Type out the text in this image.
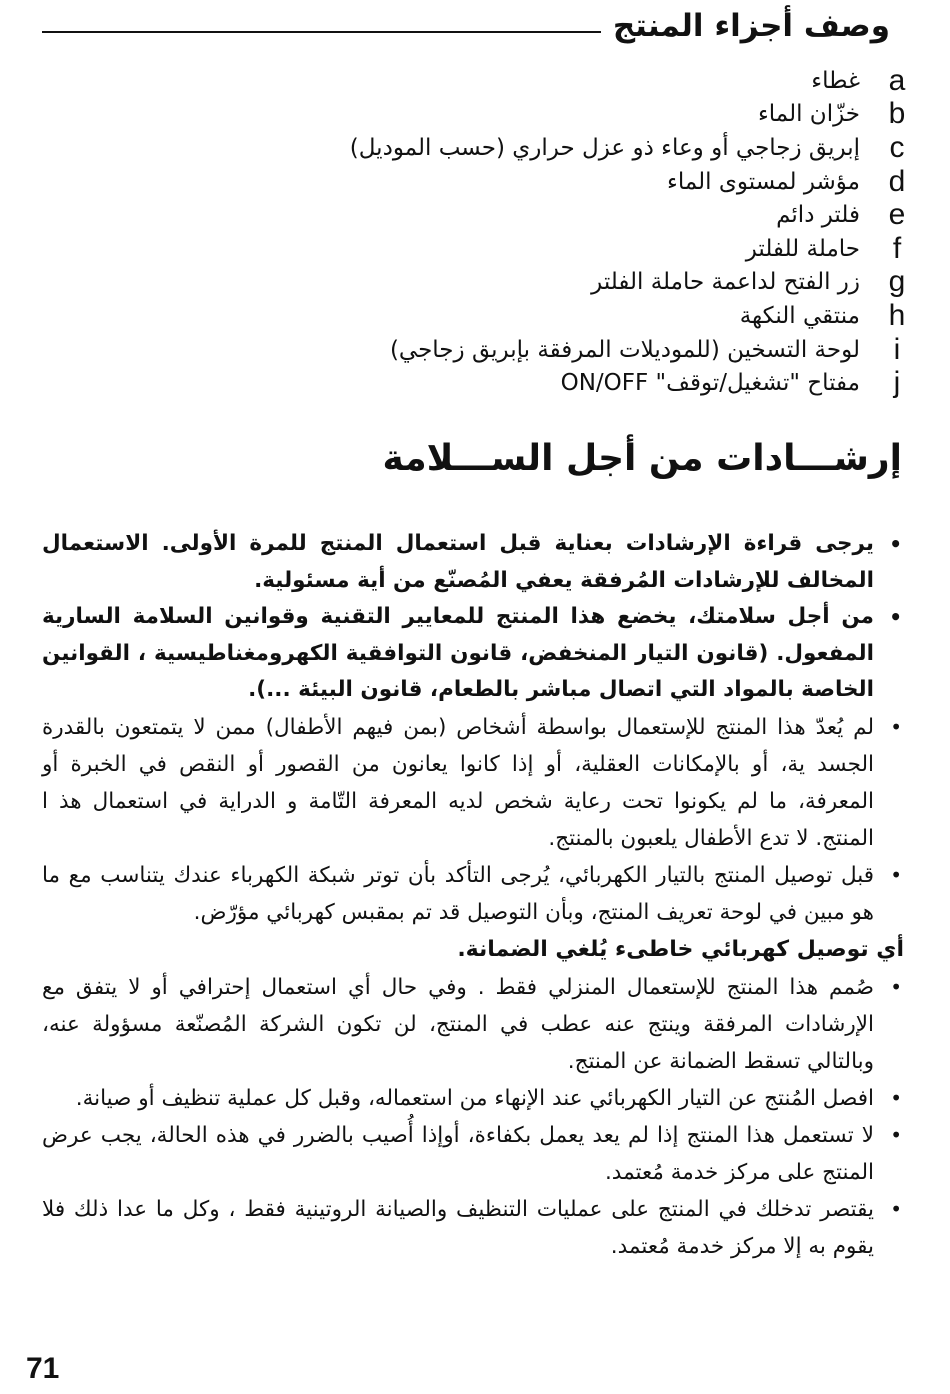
وصف أجزاء المنتج
غطاء a
خزّان الماء b
إبريق زجاجي أو وعاء ذو عزل حراري (حسب الموديل) c
مؤشر لمستوى الماء d
فلتر دائم e
حاملة للفلتر f
زر الفتح لداعمة حاملة الفلتر g
منتقي النكهة h
لوحة التسخين (للموديلات المرفقة بإبريق زجاجي) i
مفتاح "تشغيل/توقف" ON/OFF j
إرشـــادات من أجل الســـلامة
•
يرجى قراءة الإرشادات بعناية قبل استعمال المنتج للمرة الأولى. الاستعمال المخالف للإرشادات المُرفقة يعفي المُصنّع من أية مسئولية.
•
من أجل سلامتك، يخضع هذا المنتج للمعايير التقنية وقوانين السلامة السارية المفعول. (قانون التيار المنخفض، قانون التوافقية الكهرومغناطيسية ، القوانين الخاصة بالمواد التي اتصال مباشر بالطعام، قانون البيئة ...).
•
لم يُعدّ هذا المنتج للإستعمال بواسطة أشخاص (بمن فيهم الأطفال) ممن لا يتمتعون بالقدرة الجسد ية، أو بالإمكانات العقلية، أو إذا كانوا يعانون من القصور أو النقص في الخبرة أو المعرفة، ما لم يكونوا تحت رعاية شخص لديه المعرفة التّامة و الدراية في استعمال هذ ا المنتج. لا تدع الأطفال يلعبون بالمنتج.
•
قبل توصيل المنتج بالتيار الكهربائي، يُرجى التأكد بأن توتر شبكة الكهرباء عندك يتناسب مع ما هو مبين في لوحة تعريف المنتج، وبأن التوصيل قد تم بمقبس كهربائي مؤرّض.
أي توصيل كهربائي خاطىء يُلغي الضمانة.
•
صُمم هذا المنتج للإستعمال المنزلي فقط . وفي حال أي استعمال إحترافي أو لا يتفق مع الإرشادات المرفقة وينتج عنه عطب في المنتج، لن تكون الشركة المُصنّعة مسؤولة عنه، وبالتالي تسقط الضمانة عن المنتج.
•
افصل المُنتج عن التيار الكهربائي عند الإنهاء من استعماله، وقبل كل عملية تنظيف أو صيانة.
•
لا تستعمل هذا المنتج إذا لم يعد يعمل بكفاءة، أوإذا أُصيب بالضرر في هذه الحالة، يجب عرض المنتج على مركز خدمة مُعتمد.
•
يقتصر تدخلك في المنتج على عمليات التنظيف والصيانة الروتينية فقط ، وكل ما عدا ذلك فلا يقوم به إلا مركز خدمة مُعتمد.
71
